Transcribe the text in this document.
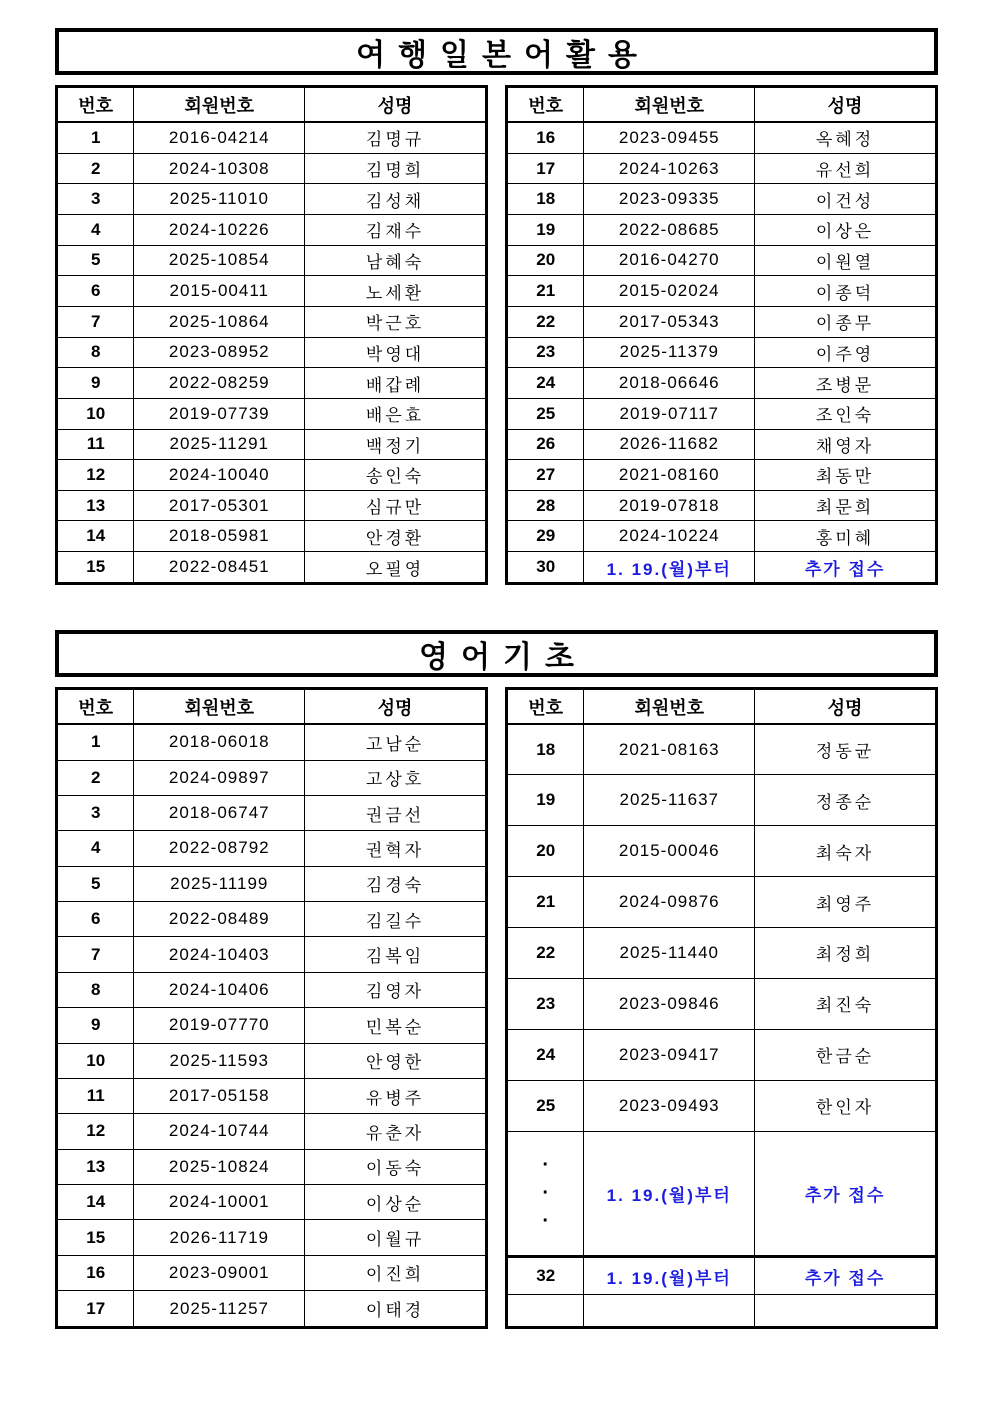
여행일본어활용
번호	회원번호	성명
1	2016-04214	김명규
2	2024-10308	김명희
3	2025-11010	김성채
4	2024-10226	김재수
5	2025-10854	남혜숙
6	2015-00411	노세환
7	2025-10864	박근호
8	2023-08952	박영대
9	2022-08259	배갑례
10	2019-07739	배은효
11	2025-11291	백정기
12	2024-10040	송인숙
13	2017-05301	심규만
14	2018-05981	안경환
15	2022-08451	오필영
번호	회원번호	성명
16	2023-09455	옥혜정
17	2024-10263	유선희
18	2023-09335	이건성
19	2022-08685	이상은
20	2016-04270	이원열
21	2015-02024	이종덕
22	2017-05343	이종무
23	2025-11379	이주영
24	2018-06646	조병문
25	2019-07117	조인숙
26	2026-11682	채영자
27	2021-08160	최동만
28	2019-07818	최문희
29	2024-10224	홍미혜
30	1. 19.(월)부터	추가 접수
영어기초
번호	회원번호	성명
1	2018-06018	고남순
2	2024-09897	고상호
3	2018-06747	권금선
4	2022-08792	권혁자
5	2025-11199	김경숙
6	2022-08489	김길수
7	2024-10403	김복임
8	2024-10406	김영자
9	2019-07770	민복순
10	2025-11593	안영한
11	2017-05158	유병주
12	2024-10744	유춘자
13	2025-10824	이동숙
14	2024-10001	이상순
15	2026-11719	이월규
16	2023-09001	이진희
17	2025-11257	이태경
번호	회원번호	성명
18	2021-08163	정동균
19	2025-11637	정종순
20	2015-00046	최숙자
21	2024-09876	최영주
22	2025-11440	최정희
23	2023-09846	최진숙
24	2023-09417	한금순
25	2023-09493	한인자

·
·
·	1. 19.(월)부터	추가 접수
32	1. 19.(월)부터	추가 접수
